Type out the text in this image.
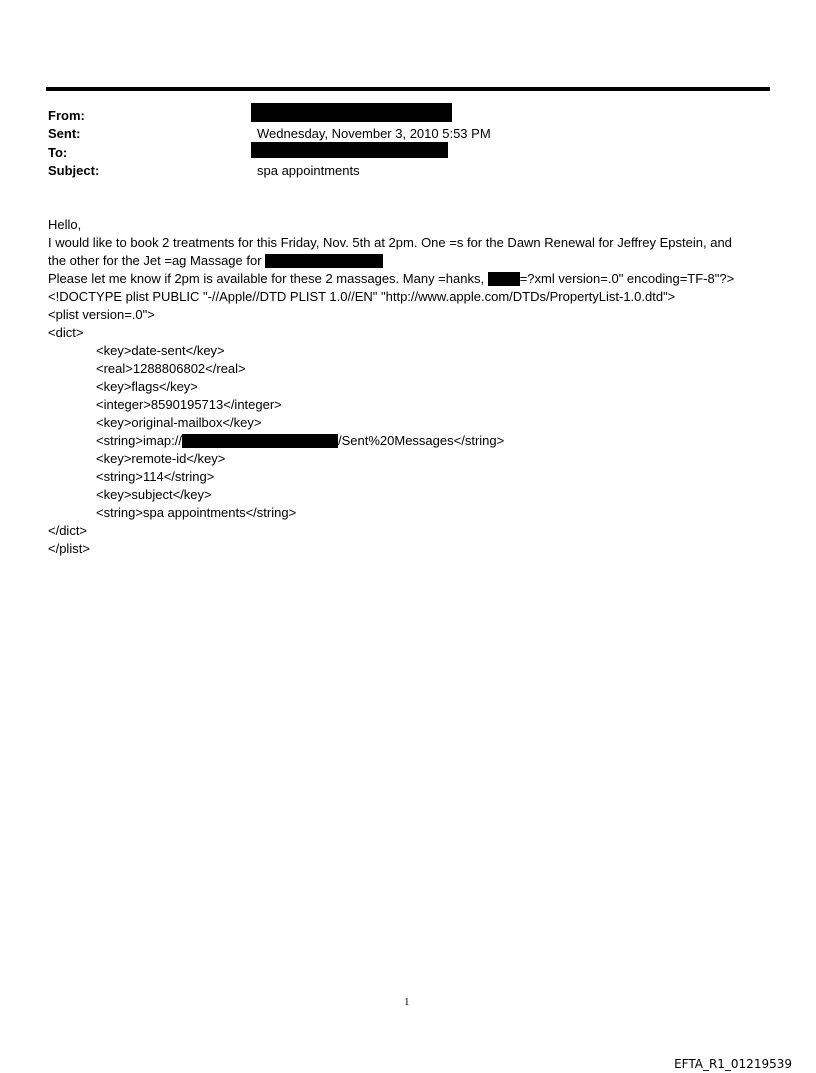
From:
Sent:	Wednesday, November 3, 2010 5:53 PM
To:
Subject:	spa appointments

Hello,

I would like to book 2 treatments for this Friday, Nov. 5th at 2pm. One =s for the Dawn Renewal for Jeffrey Epstein, and

the other for the Jet =ag Massage for

Please let me know if 2pm is available for these 2 massages. Many =hanks, =?xml version=.0" encoding=TF-8"?>

<!DOCTYPE plist PUBLIC "-//Apple//DTD PLIST 1.0//EN" "http://www.apple.com/DTDs/PropertyList-1.0.dtd">

<plist version=.0">

<dict>

<key>date-sent</key>

<real>1288806802</real>

<key>flags</key>

<integer>8590195713</integer>

<key>original-mailbox</key>

<string>imap://	/Sent%20Messages</string>

<key>remote-id</key>

<string>114</string>

<key>subject</key>

<string>spa appointments</string>

</dict>

</plist>

1
EFTA_R1_01219539
